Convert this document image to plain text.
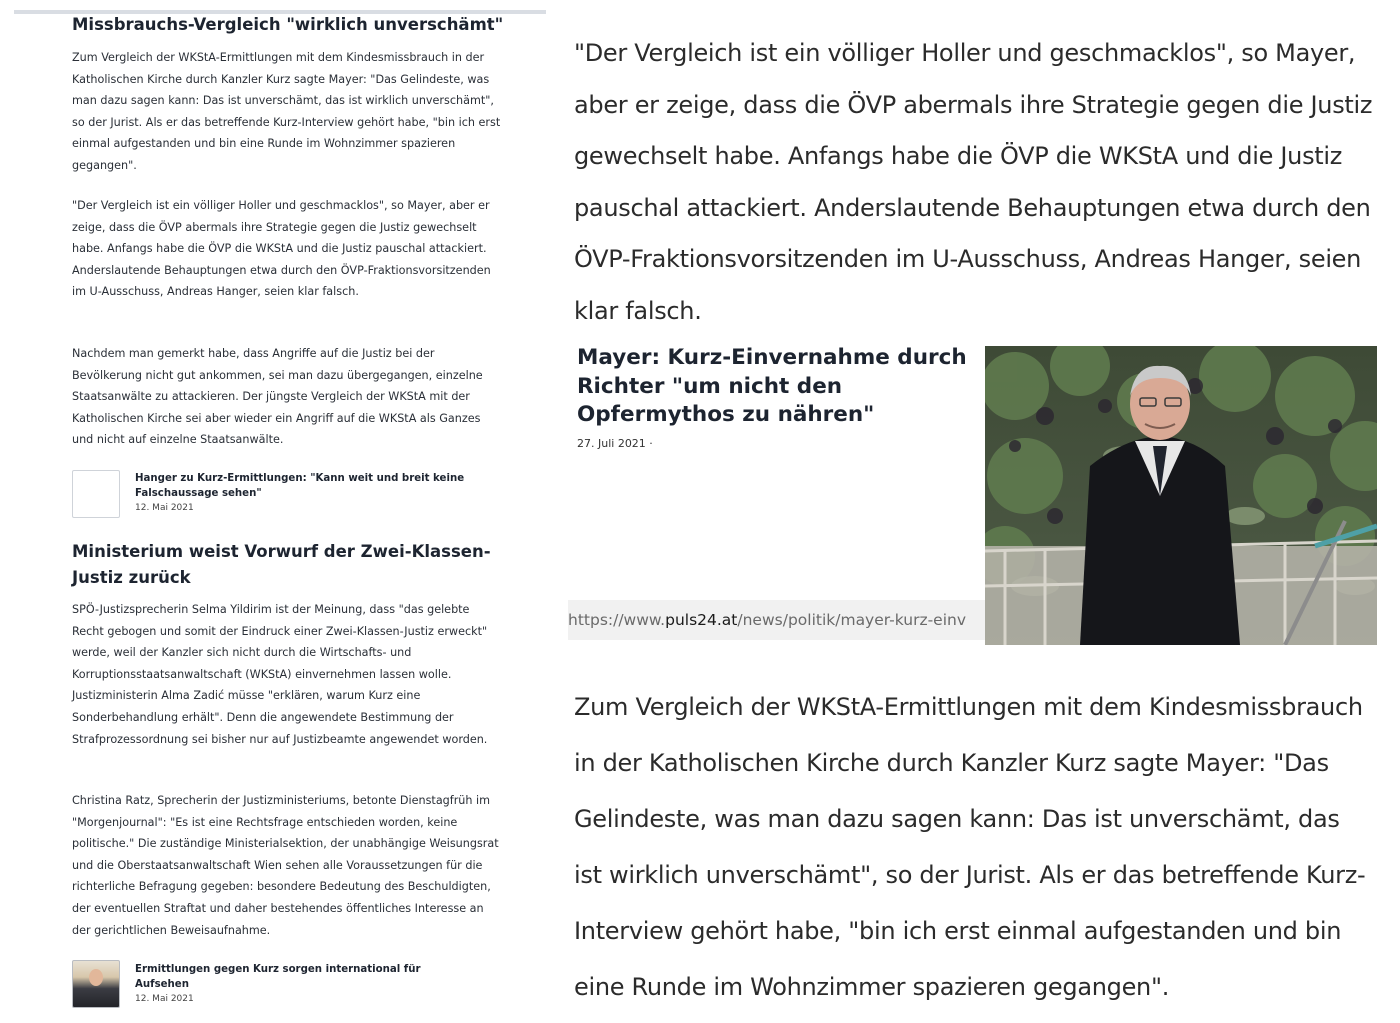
Missbrauchs-Vergleich "wirklich unverschämt"

Zum Vergleich der WKStA-Ermittlungen mit dem Kindesmissbrauch in der Katholischen Kirche durch Kanzler Kurz sagte Mayer: "Das Gelindeste, was man dazu sagen kann: Das ist unverschämt, das ist wirklich unverschämt", so der Jurist. Als er das betreffende Kurz-Interview gehört habe, "bin ich erst einmal aufgestanden und bin eine Runde im Wohnzimmer spazieren gegangen".

"Der Vergleich ist ein völliger Holler und geschmacklos", so Mayer, aber er zeige, dass die ÖVP abermals ihre Strategie gegen die Justiz gewechselt habe. Anfangs habe die ÖVP die WKStA und die Justiz pauschal attackiert. Anderslautende Behauptungen etwa durch den ÖVP-Fraktionsvorsitzenden im U-Ausschuss, Andreas Hanger, seien klar falsch.

Nachdem man gemerkt habe, dass Angriffe auf die Justiz bei der Bevölkerung nicht gut ankommen, sei man dazu übergegangen, einzelne Staatsanwälte zu attackieren. Der jüngste Vergleich der WKStA mit der Katholischen Kirche sei aber wieder ein Angriff auf die WKStA als Ganzes und nicht auf einzelne Staatsanwälte.

Hanger zu Kurz-Ermittlungen: "Kann weit und breit keine Falschaussage sehen"
12. Mai 2021
Ministerium weist Vorwurf der Zwei-Klassen-Justiz zurück

SPÖ-Justizsprecherin Selma Yildirim ist der Meinung, dass "das gelebte Recht gebogen und somit der Eindruck einer Zwei-Klassen-Justiz erweckt" werde, weil der Kanzler sich nicht durch die Wirtschafts- und Korruptionsstaatsanwaltschaft (WKStA) einvernehmen lassen wolle. Justizministerin Alma Zadić müsse "erklären, warum Kurz eine Sonderbehandlung erhält". Denn die angewendete Bestimmung der Strafprozessordnung sei bisher nur auf Justizbeamte angewendet worden.

Christina Ratz, Sprecherin der Justizministeriums, betonte Dienstagfrüh im "Morgenjournal": "Es ist eine Rechtsfrage entschieden worden, keine politische." Die zuständige Ministerialsektion, der unabhängige Weisungsrat und die Oberstaatsanwaltschaft Wien sehen alle Voraussetzungen für die richterliche Befragung gegeben: besondere Bedeutung des Beschuldigten, der eventuellen Straftat und daher bestehendes öffentliches Interesse an der gerichtlichen Beweisaufnahme.

Ermittlungen gegen Kurz sorgen international für Aufsehen
12. Mai 2021

"Der Vergleich ist ein völliger Holler und geschmacklos", so Mayer, aber er zeige, dass die ÖVP abermals ihre Strategie gegen die Justiz gewechselt habe. Anfangs habe die ÖVP die WKStA und die Justiz pauschal attackiert. Anderslautende Behauptungen etwa durch den ÖVP-Fraktionsvorsitzenden im U-Ausschuss, Andreas Hanger, seien klar falsch.

Mayer: Kurz-Einvernahme durch Richter "um nicht den Opfermythos zu nähren"
27. Juli 2021 ·
https://www.puls24.at/news/politik/mayer-kurz-einv

Zum Vergleich der WKStA-Ermittlungen mit dem Kindesmissbrauch in der Katholischen Kirche durch Kanzler Kurz sagte Mayer: "Das Gelindeste, was man dazu sagen kann: Das ist unverschämt, das ist wirklich unverschämt", so der Jurist. Als er das betreffende Kurz-Interview gehört habe, "bin ich erst einmal aufgestanden und bin eine Runde im Wohnzimmer spazieren gegangen".
